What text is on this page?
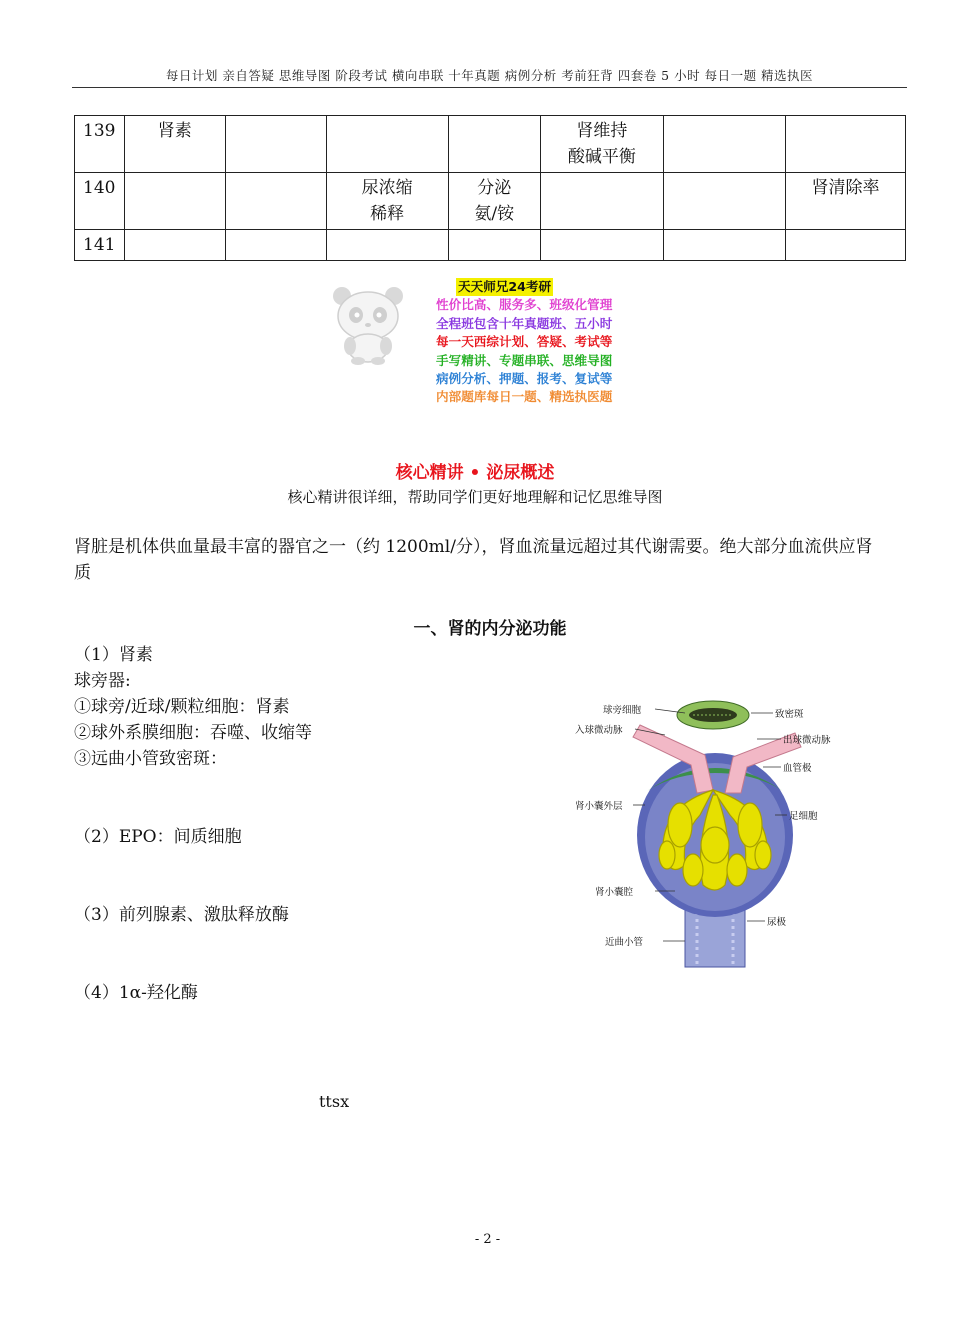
每日计划 亲自答疑 思维导图 阶段考试 横向串联 十年真题 病例分析 考前狂背 四套卷 5 小时 每日一题 精选执医
139	肾素				肾维持
酸碱平衡		
140			尿浓缩
稀释	分泌
氨/铵			肾清除率
141							
天天师兄24考研
性价比高、服务多、班级化管理
全程班包含十年真题班、五小时
每一天西综计划、答疑、考试等
手写精讲、专题串联、思维导图
病例分析、押题、报考、复试等
内部题库每日一题、精选执医题
核心精讲 • 泌尿概述
核心精讲很详细，帮助同学们更好地理解和记忆思维导图
肾脏是机体供血量最丰富的器官之一（约 1200ml/分），肾血流量远超过其代谢需要。绝大部分血流供应肾　　　质
一、肾的内分泌功能
（1）肾素
球旁器:
①球旁/近球/颗粒细胞：肾素
②球外系膜细胞：吞噬、收缩等
③远曲小管致密斑：
（2）EPO：间质细胞
（3）前列腺素、激肽释放酶
（4）1α-羟化酶
球旁细胞
入球微动脉
致密斑
出球微动脉
血管极
肾小囊外层
足细胞
肾小囊腔
尿极
近曲小管
ttsx
- 2 -
